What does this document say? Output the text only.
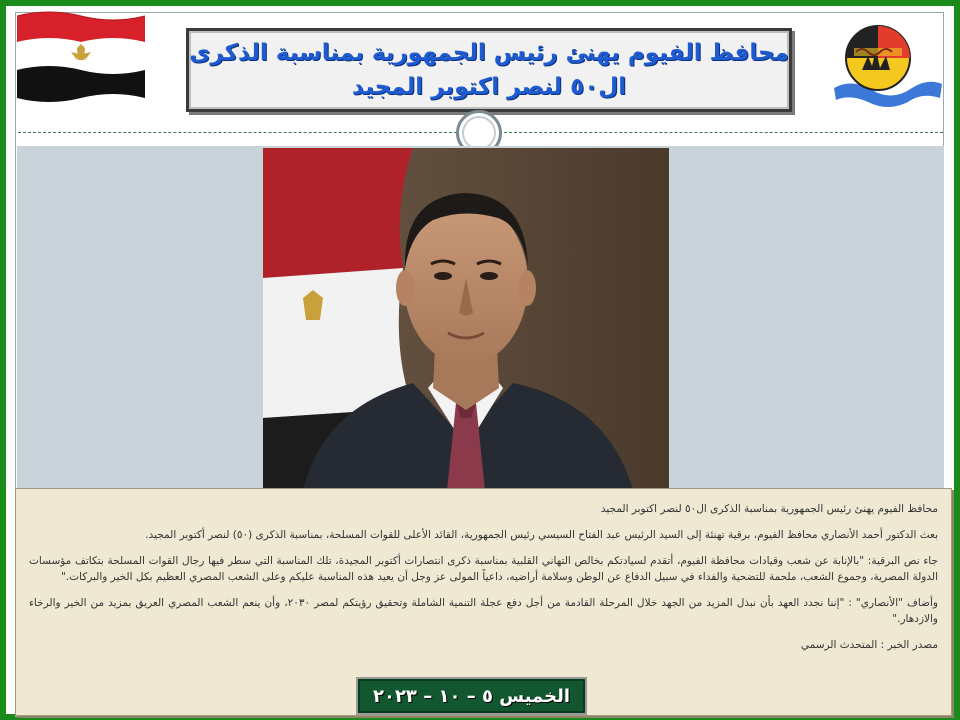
محافظ الفيوم يهنئ رئيس الجمهورية بمناسبة الذكرى
ال٥٠ لنصر اكتوبر المجيد

محافظ الفيوم يهنئ رئيس الجمهورية بمناسبة الذكرى ال٥٠ لنصر اكتوبر المجيد

بعث الدكتور أحمد الأنصاري محافظ الفيوم، برقية تهنئة إلى السيد الرئيس عبد الفتاح السيسي رئيس الجمهورية، القائد الأعلى للقوات المسلحة، بمناسبة الذكرى (٥٠) لنصر أكتوبر المجيد.

جاء نص البرقية: "بالإنابة عن شعب وقيادات محافظة الفيوم، أتقدم لسيادتكم بخالص التهاني القلبية بمناسبة ذكرى انتصارات أكتوبر المجيدة، تلك المناسبة التي سطر فيها رجال القوات المسلحة بتكاتف مؤسسات الدولة المصرية، وجموع الشعب، ملحمة للتضحية والفداء في سبيل الدفاع عن الوطن وسلامة أراضيه، داعياً المولى عز وجل أن يعيد هذه المناسبة عليكم وعلى الشعب المصري العظيم بكل الخير والبركات."

وأضاف "الأنصاري" : "إننا نجدد العهد بأن نبذل المزيد من الجهد خلال المرحلة القادمة من أجل دفع عجلة التنمية الشاملة وتحقيق رؤيتكم لمصر ٢٠٣٠، وأن ينعم الشعب المصري العريق بمزيد من الخير والرخاء والازدهار."

مصدر الخبر : المتحدث الرسمي

الخميس ٥ – ١٠ – ٢٠٢٣
